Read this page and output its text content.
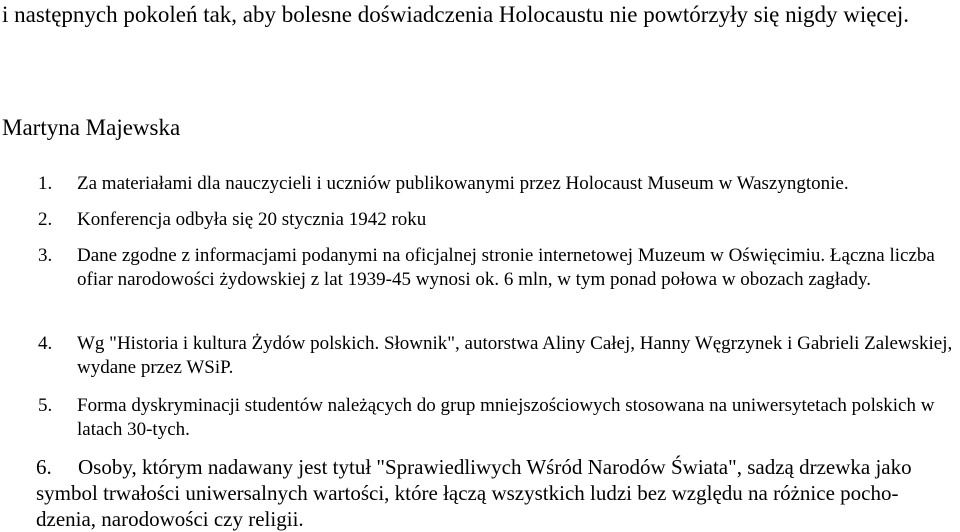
i następnych pokoleń tak, aby bolesne doświadczenia Holocaustu nie powtórzyły się nigdy więcej.

Martyna Majewska

1.	Za materiałami dla nauczycieli i uczniów publikowanymi przez Holocaust Museum w Waszyngtonie.
2.	Konferencja odbyła się 20 stycznia 1942 roku
3.	Dane zgodne z informacjami podanymi na oficjalnej stronie internetowej Muzeum w Oświęcimiu. Łączna liczba ofiar narodowości żydowskiej z lat 1939-45 wynosi ok. 6 mln, w tym ponad połowa w obozach zagłady.
4.	Wg "Historia i kultura Żydów polskich. Słownik", autorstwa Aliny Całej, Hanny Węgrzynek i Gabrieli Zalewskiej, wydane przez WSiP.
5.	Forma dyskryminacji studentów należących do grup mniejszościowych stosowana na uniwersytetach polskich w latach 30-tych.
6.	Osoby, którym nadawany jest tytuł "Sprawiedliwych Wśród Narodów Świata", sadzą drzewka jako
symbol trwałości uniwersalnych wartości, które łączą wszystkich ludzi bez względu na różnice pocho-
dzenia, narodowości czy religii.
